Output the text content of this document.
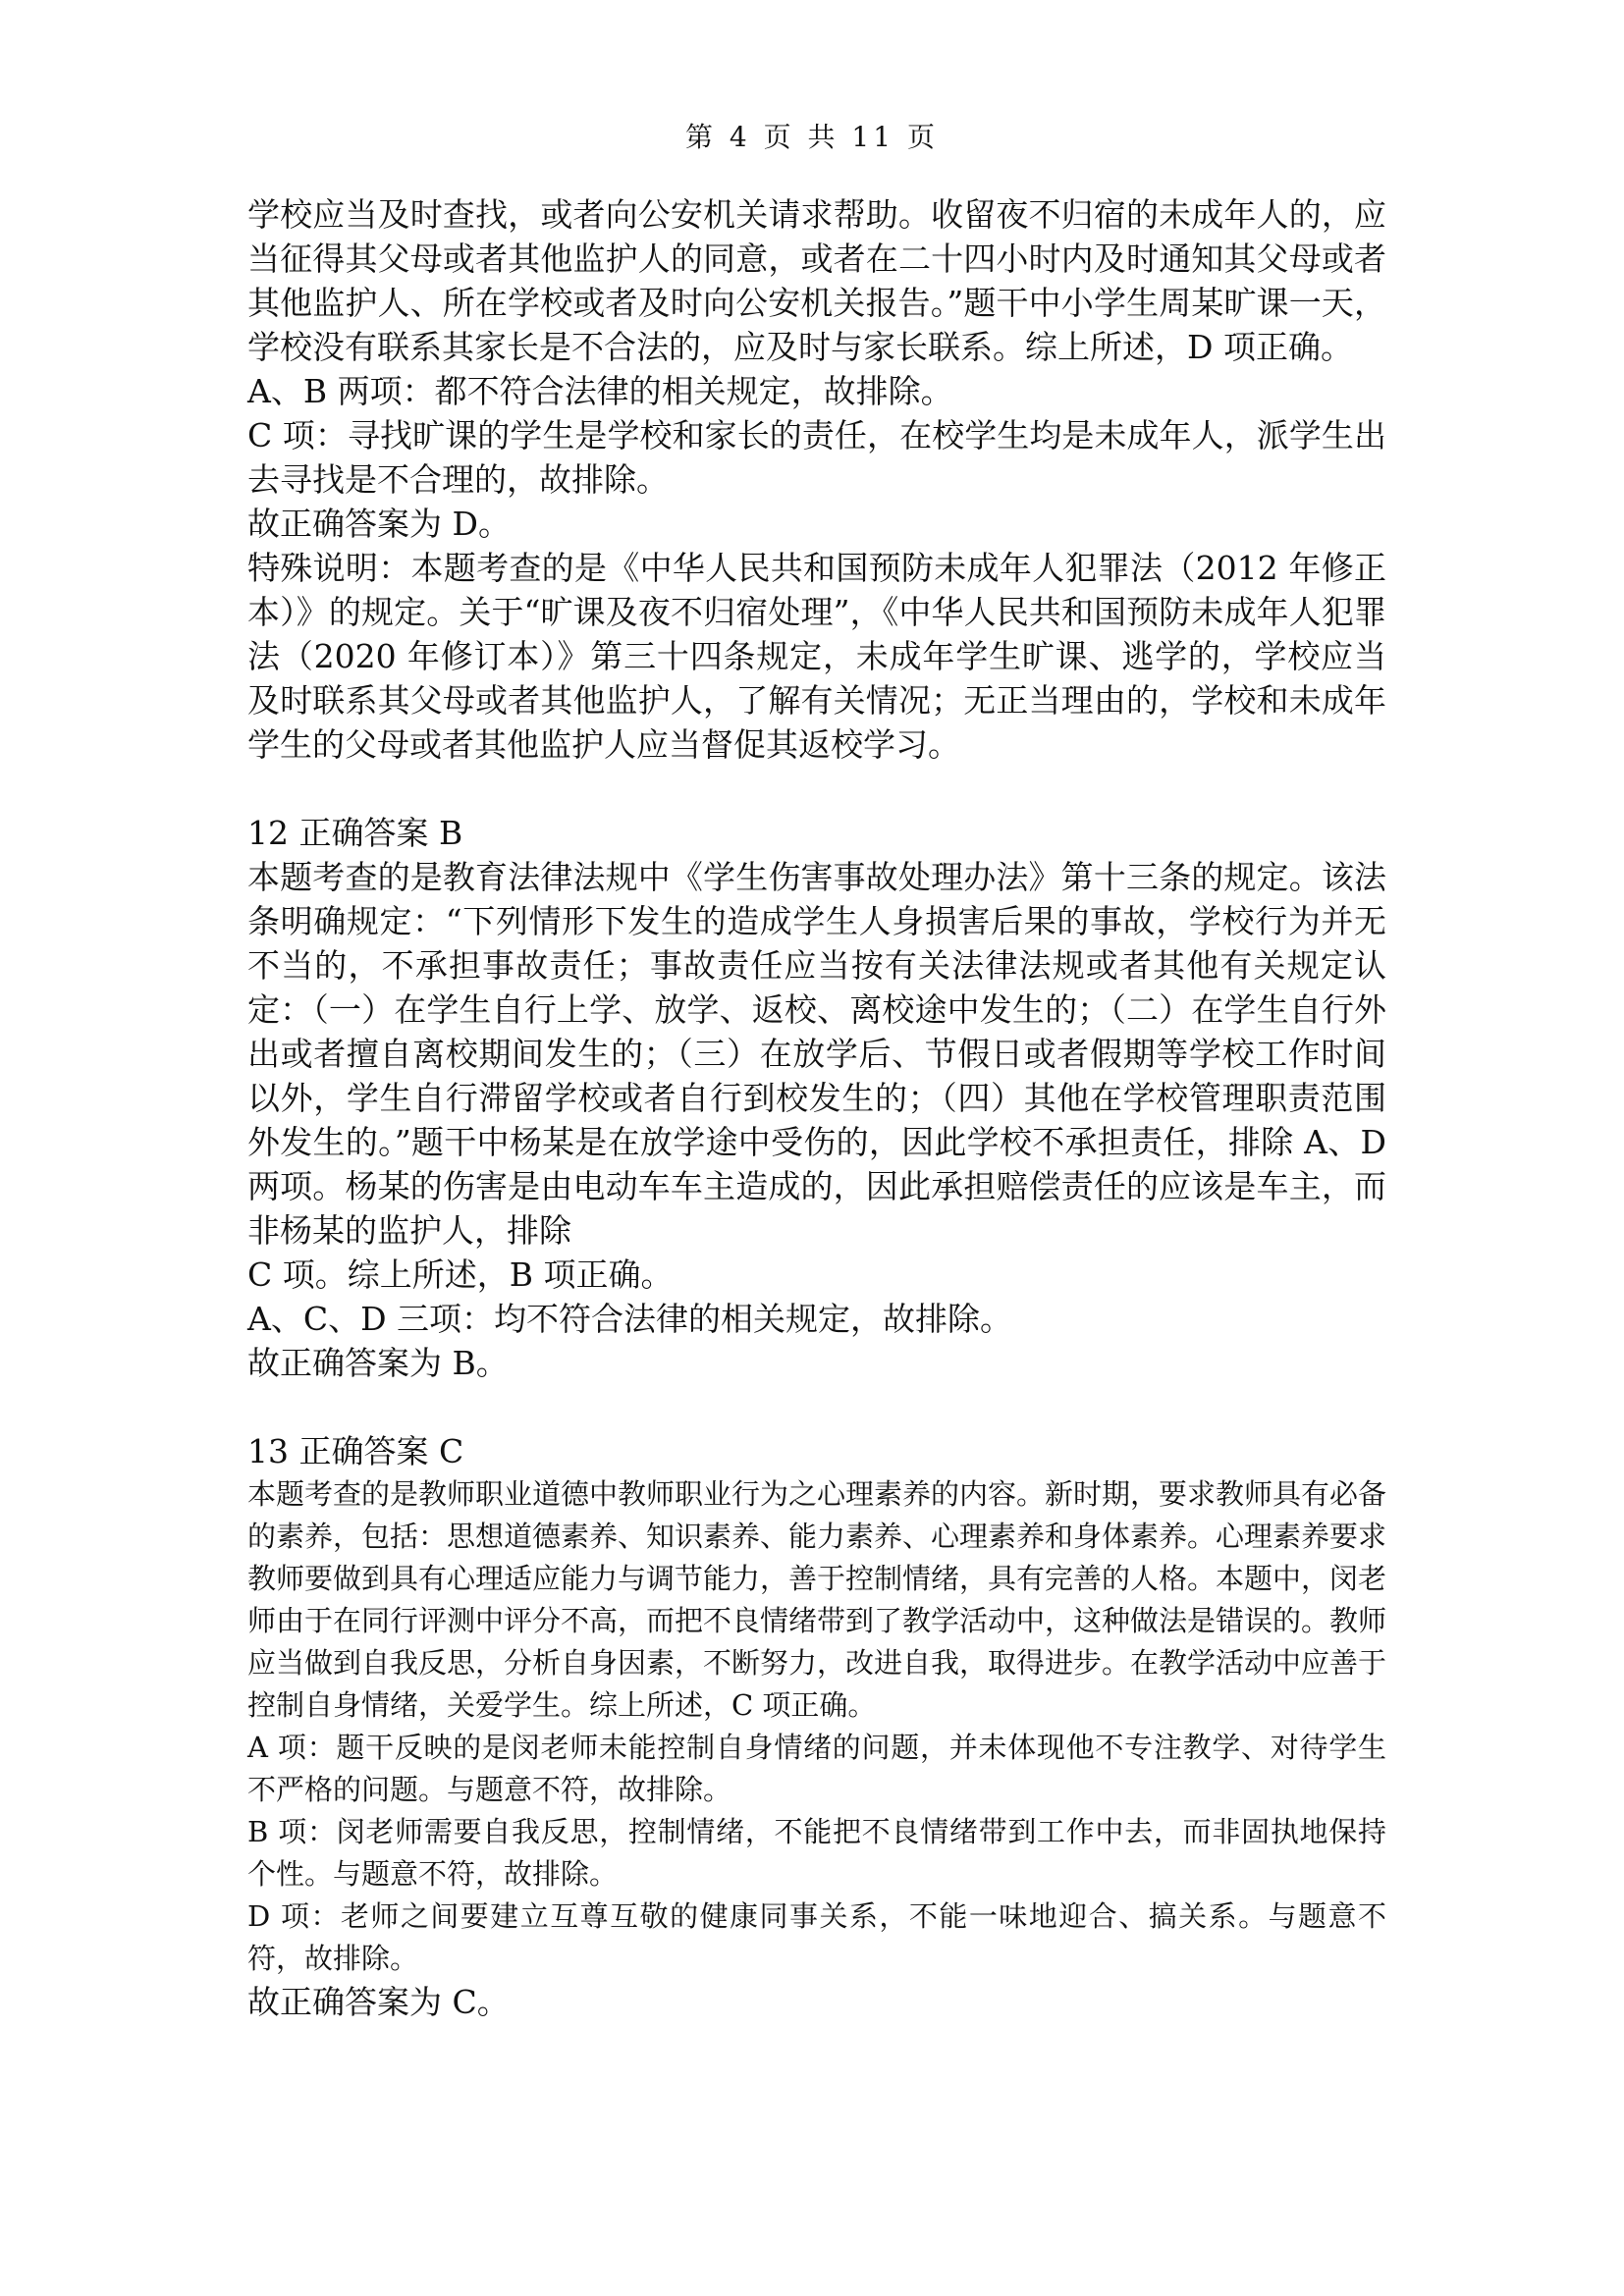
第 4 页 共 11 页

学校应当及时查找，或者向公安机关请求帮助。收留夜不归宿的未成年人的，应当征得其父母或者其他监护人的同意，或者在二十四小时内及时通知其父母或者其他监护人、所在学校或者及时向公安机关报告。”题干中小学生周某旷课一天，学校没有联系其家长是不合法的，应及时与家长联系。综上所述，D 项正确。

A、B 两项：都不符合法律的相关规定，故排除。

C 项：寻找旷课的学生是学校和家长的责任，在校学生均是未成年人，派学生出去寻找是不合理的，故排除。

故正确答案为 D。

特殊说明：本题考查的是《中华人民共和国预防未成年人犯罪法（2012 年修正本）》的规定。关于“旷课及夜不归宿处理”，《中华人民共和国预防未成年人犯罪法（2020 年修订本）》第三十四条规定，未成年学生旷课、逃学的，学校应当及时联系其父母或者其他监护人，了解有关情况；无正当理由的，学校和未成年学生的父母或者其他监护人应当督促其返校学习。

12 正确答案 B

本题考查的是教育法律法规中《学生伤害事故处理办法》第十三条的规定。该法条明确规定：“下列情形下发生的造成学生人身损害后果的事故，学校行为并无不当的，不承担事故责任；事故责任应当按有关法律法规或者其他有关规定认定：（一）在学生自行上学、放学、返校、离校途中发生的；（二）在学生自行外出或者擅自离校期间发生的；（三）在放学后、节假日或者假期等学校工作时间以外，学生自行滞留学校或者自行到校发生的；（四）其他在学校管理职责范围外发生的。”题干中杨某是在放学途中受伤的，因此学校不承担责任，排除 A、D 两项。杨某的伤害是由电动车车主造成的，因此承担赔偿责任的应该是车主，而非杨某的监护人，排除

C 项。综上所述，B 项正确。

A、C、D 三项：均不符合法律的相关规定，故排除。

故正确答案为 B。

13 正确答案 C

本题考查的是教师职业道德中教师职业行为之心理素养的内容。新时期，要求教师具有必备的素养，包括：思想道德素养、知识素养、能力素养、心理素养和身体素养。心理素养要求教师要做到具有心理适应能力与调节能力，善于控制情绪，具有完善的人格。本题中，闵老师由于在同行评测中评分不高，而把不良情绪带到了教学活动中，这种做法是错误的。教师应当做到自我反思，分析自身因素，不断努力，改进自我，取得进步。在教学活动中应善于控制自身情绪，关爱学生。综上所述，C 项正确。

A 项：题干反映的是闵老师未能控制自身情绪的问题，并未体现他不专注教学、对待学生不严格的问题。与题意不符，故排除。

B 项：闵老师需要自我反思，控制情绪，不能把不良情绪带到工作中去，而非固执地保持个性。与题意不符，故排除。

D 项：老师之间要建立互尊互敬的健康同事关系，不能一味地迎合、搞关系。与题意不符，故排除。

故正确答案为 C。
